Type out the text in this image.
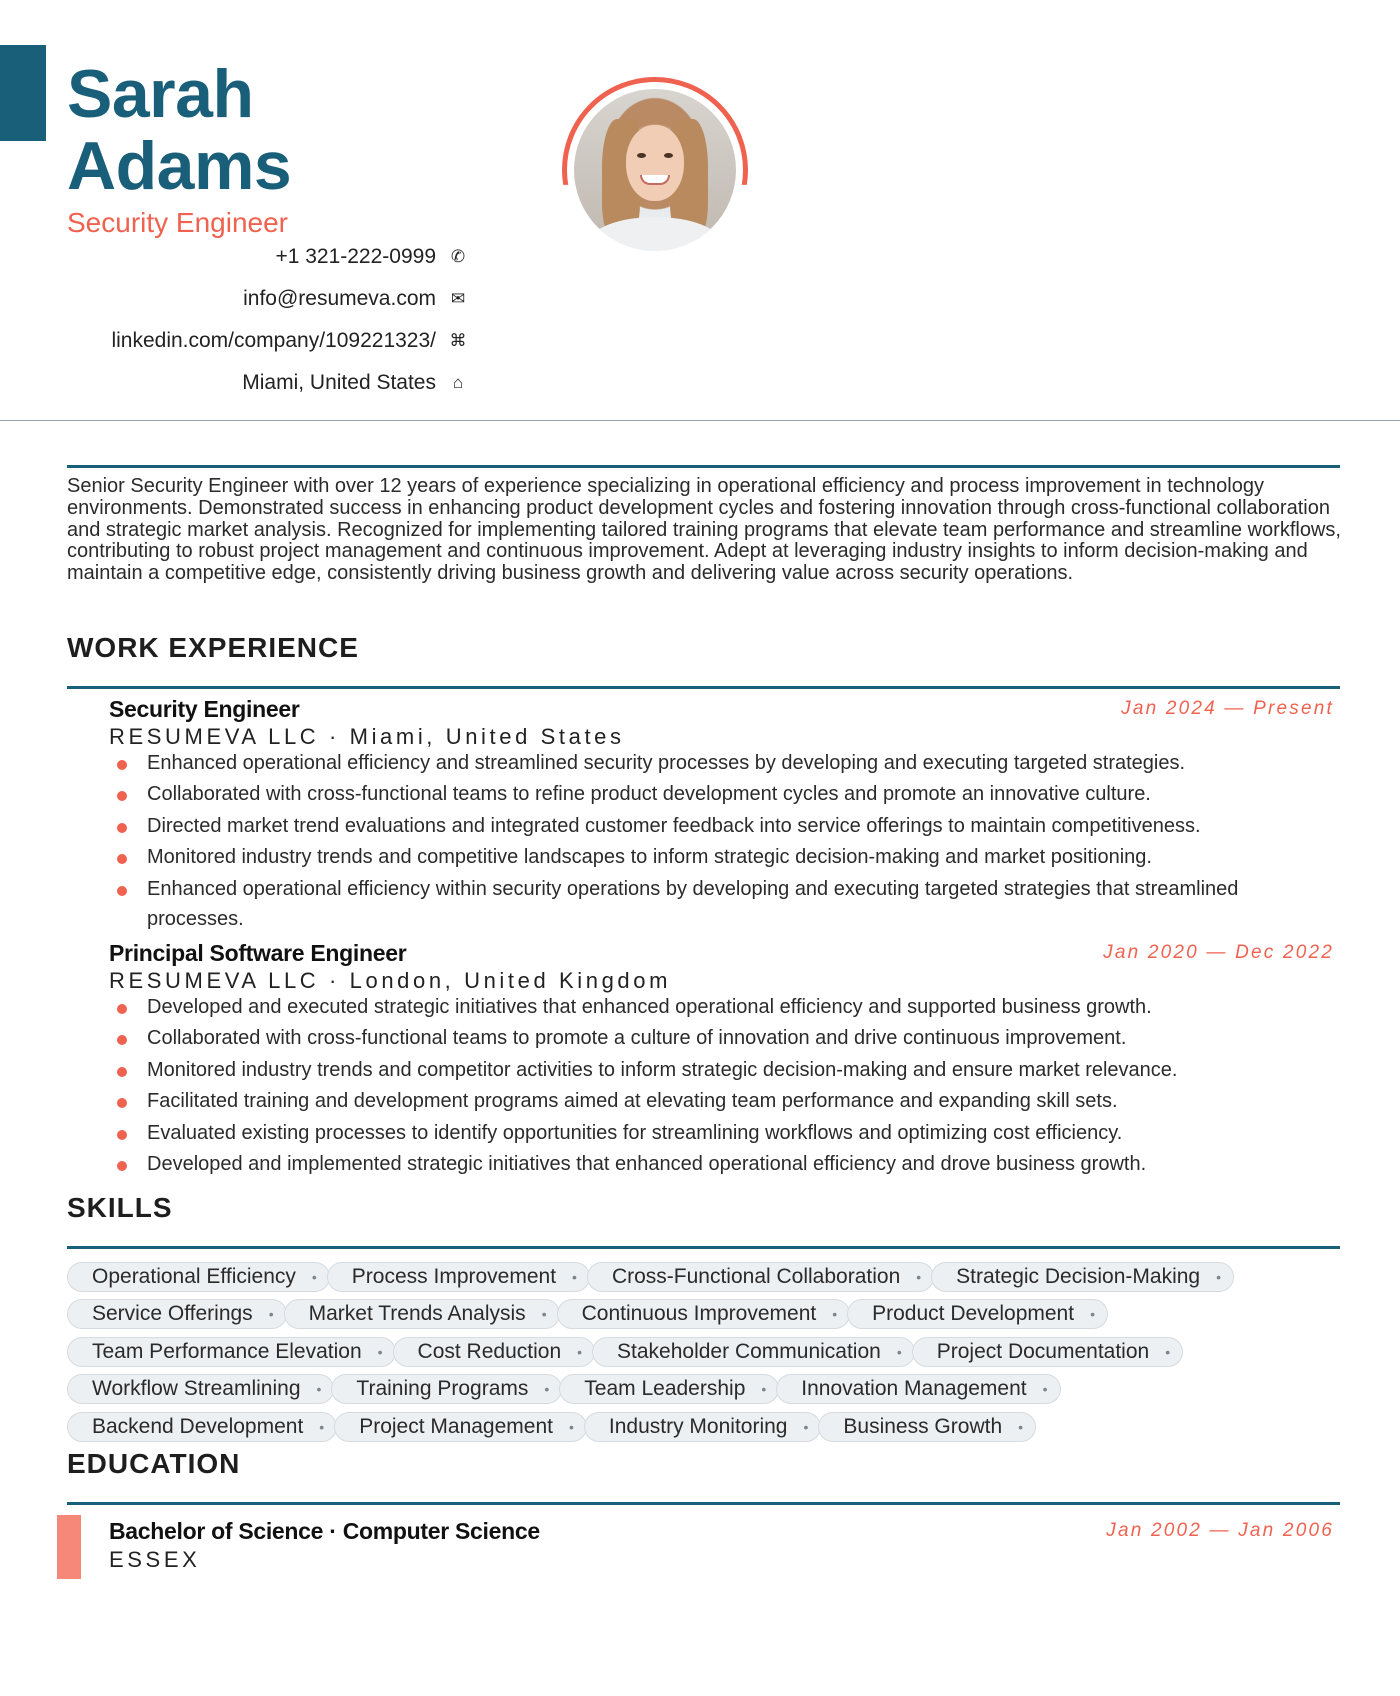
Sarah
Adams
Security Engineer
+1 321-222-0999 ✆
info@resumeva.com ✉
linkedin.com/company/109221323/ ⌘
Miami, United States ⌂

Senior Security Engineer with over 12 years of experience specializing in operational efficiency and process improvement in technology environments. Demonstrated success in enhancing product development cycles and fostering innovation through cross-functional collaboration and strategic market analysis. Recognized for implementing tailored training programs that elevate team performance and streamline workflows, contributing to robust project management and continuous improvement. Adept at leveraging industry insights to inform decision-making and maintain a competitive edge, consistently driving business growth and delivering value across security operations.

WORK EXPERIENCE
Security Engineer	Jan 2024 — Present
RESUMEVA LLC · Miami, United States
Enhanced operational efficiency and streamlined security processes by developing and executing targeted strategies.
Collaborated with cross-functional teams to refine product development cycles and promote an innovative culture.
Directed market trend evaluations and integrated customer feedback into service offerings to maintain competitiveness.
Monitored industry trends and competitive landscapes to inform strategic decision-making and market positioning.
Enhanced operational efficiency within security operations by developing and executing targeted strategies that streamlined processes.
Principal Software Engineer	Jan 2020 — Dec 2022
RESUMEVA LLC · London, United Kingdom
Developed and executed strategic initiatives that enhanced operational efficiency and supported business growth.
Collaborated with cross-functional teams to promote a culture of innovation and drive continuous improvement.
Monitored industry trends and competitor activities to inform strategic decision-making and ensure market relevance.
Facilitated training and development programs aimed at elevating team performance and expanding skill sets.
Evaluated existing processes to identify opportunities for streamlining workflows and optimizing cost efficiency.
Developed and implemented strategic initiatives that enhanced operational efficiency and drove business growth.
SKILLS
Operational Efficiency • Process Improvement • Cross-Functional Collaboration • Strategic Decision-Making •
Service Offerings • Market Trends Analysis • Continuous Improvement • Product Development •
Team Performance Elevation • Cost Reduction • Stakeholder Communication • Project Documentation •
Workflow Streamlining • Training Programs • Team Leadership • Innovation Management •
Backend Development • Project Management • Industry Monitoring • Business Growth •
EDUCATION
Bachelor of Science · Computer Science	Jan 2002 — Jan 2006
ESSEX
